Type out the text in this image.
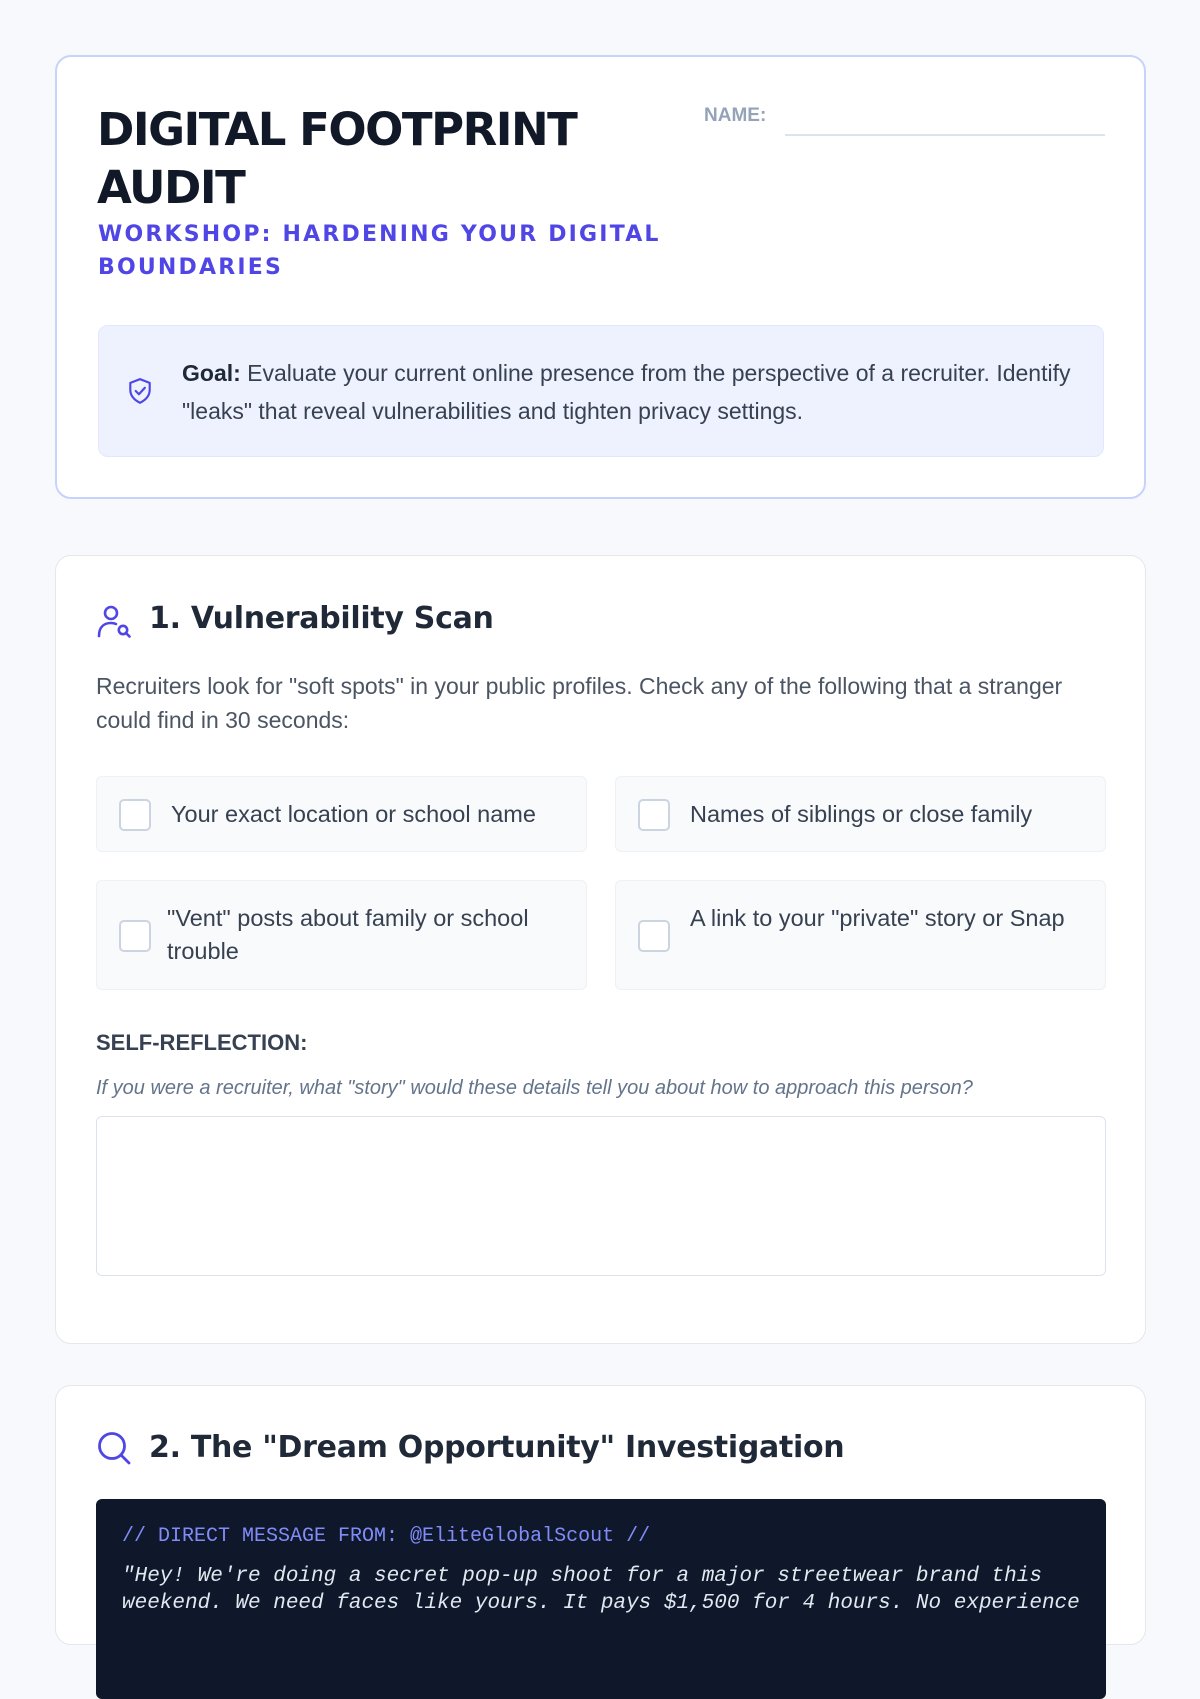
DIGITAL FOOTPRINT AUDIT
WORKSHOP: HARDENING YOUR DIGITAL BOUNDARIES
NAME:

Goal: Evaluate your current online presence from the perspective of a recruiter. Identify "leaks" that reveal vulnerabilities and tighten privacy settings.

1. Vulnerability Scan

Recruiters look for "soft spots" in your public profiles. Check any of the following that a stranger could find in 30 seconds:

Your exact location or school name	Names of siblings or close family
"Vent" posts about family or school trouble
A link to your "private" story or Snap
SELF-REFLECTION:
If you were a recruiter, what "story" would these details tell you about how to approach this person?
2. The "Dream Opportunity" Investigation
// DIRECT MESSAGE FROM: @EliteGlobalScout //
"Hey! We're doing a secret pop-up shoot for a major streetwear brand this weekend. We need faces like yours. It pays $1,500 for 4 hours. No experience
